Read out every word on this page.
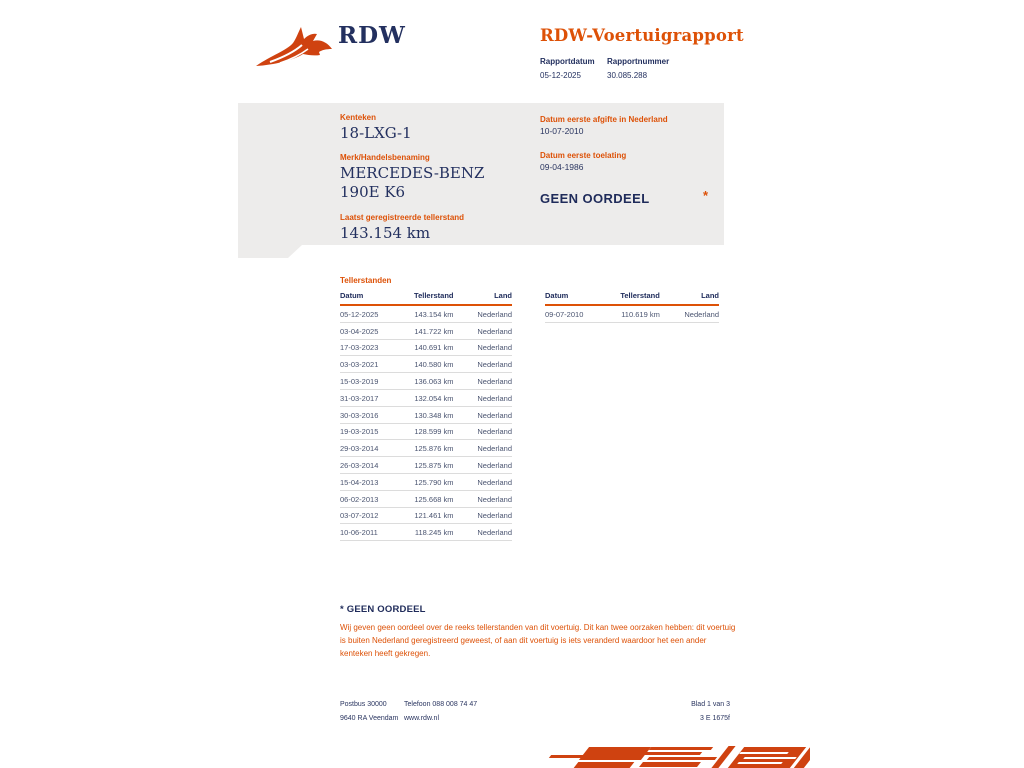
RDW	RDW-Voertuigrapport
Rapportdatum
05-12-2025
Rapportnummer
30.085.288
Kenteken
18-LXG-1
Merk/Handelsbenaming
MERCEDES-BENZ
190E K6
Laatst geregistreerde tellerstand
143.154 km
Datum eerste afgifte in Nederland
10-07-2010
Datum eerste toelating
09-04-1986
GEEN OORDEEL	*
Tellerstanden
Datum	Tellerstand	Land
05-12-2025	143.154 km	Nederland
03-04-2025	141.722 km	Nederland
17-03-2023	140.691 km	Nederland
03-03-2021	140.580 km	Nederland
15-03-2019	136.063 km	Nederland
31-03-2017	132.054 km	Nederland
30-03-2016	130.348 km	Nederland
19-03-2015	128.599 km	Nederland
29-03-2014	125.876 km	Nederland
26-03-2014	125.875 km	Nederland
15-04-2013	125.790 km	Nederland
06-02-2013	125.668 km	Nederland
03-07-2012	121.461 km	Nederland
10-06-2011	118.245 km	Nederland
Datum	Tellerstand	Land
09-07-2010	110.619 km	Nederland
* GEEN OORDEEL
Wij geven geen oordeel over de reeks tellerstanden van dit voertuig. Dit kan twee oorzaken hebben: dit voertuig is buiten Nederland geregistreerd geweest, of aan dit voertuig is iets veranderd waardoor het een ander kenteken heeft gekregen.
Postbus 30000 Telefoon 088 008 74 47	Blad 1 van 3
9640 RA Veendam www.rdw.nl	3 E 1675f
